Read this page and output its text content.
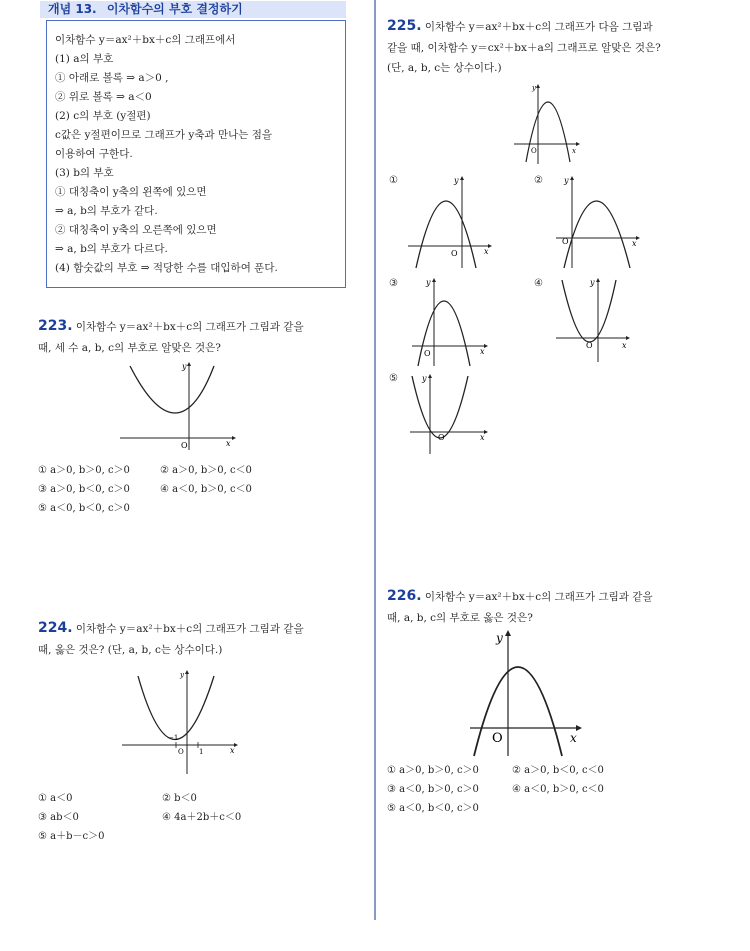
개념 13. 이차함수의 부호 결정하기
이차함수 y＝ax²＋bx＋c의 그래프에서
(1) a의 부호
① 아래로 볼록 ⇒ a＞0 ,
② 위로 볼록 ⇒ a＜0
(2) c의 부호 (y절편)
c값은 y절편이므로 그래프가 y축과 만나는 점을
이용하여 구한다.
(3) b의 부호
① 대칭축이 y축의 왼쪽에 있으면
⇒ a, b의 부호가 같다.
② 대칭축이 y축의 오른쪽에 있으면
⇒ a, b의 부호가 다르다.
(4) 함숫값의 부호 ⇒ 적당한 수를 대입하여 푼다.
223. 이차함수 y＝ax²＋bx＋c의 그래프가 그림과 같을
때, 세 수 a, b, c의 부호로 알맞은 것은?
x
y
O
① a＞0, b＞0, c＞0	② a＞0, b＞0, c＜0
③ a＞0, b＜0, c＞0	④ a＜0, b＞0, c＜0
⑤ a＜0, b＜0, c＞0
224. 이차함수 y＝ax²＋bx＋c의 그래프가 그림과 같을
때, 옳은 것은? (단, a, b, c는 상수이다.)
−1
1
O	x
y
① a＜0	② b＜0
③ ab＜0	④ 4a＋2b＋c＜0
⑤ a＋b－c＞0
225. 이차함수 y＝ax²＋bx＋c의 그래프가 다음 그림과
같을 때, 이차함수 y＝cx²＋bx＋a의 그래프로 알맞은 것은?
(단, a, b, c는 상수이다.)
O	x
y
①
O	x
y	②
O	x
y
③
O	x
y	④
O	x
y
⑤
O	x
y
226. 이차함수 y＝ax²＋bx＋c의 그래프가 그림과 같을
때, a, b, c의 부호로 옳은 것은?
O	x
y
① a＞0, b＞0, c＞0	② a＞0, b＜0, c＜0
③ a＜0, b＞0, c＞0	④ a＜0, b＞0, c＜0
⑤ a＜0, b＜0, c＞0
